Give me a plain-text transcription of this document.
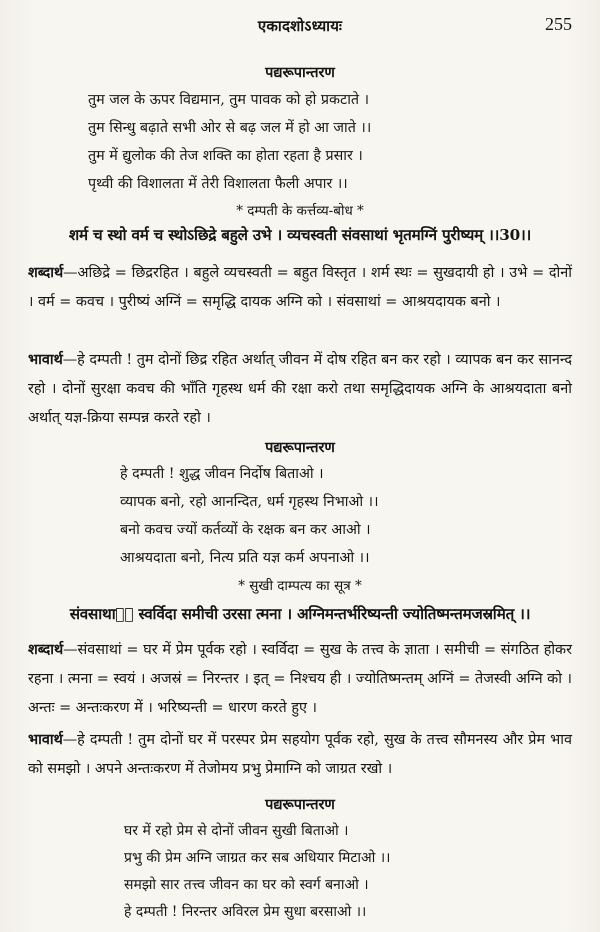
एकादशोऽध्यायः	255
पद्यरूपान्तरण
तुम जल के ऊपर विद्यमान, तुम पावक को हो प्रकटाते ।
तुम सिन्धु बढ़ाते सभी ओर से बढ़ जल में हो आ जाते ।।
तुम में द्युलोक की तेज शक्ति का होता रहता है प्रसार ।
पृथ्वी की विशालता में तेरी विशालता फैली अपार ।।
* दम्पती के कर्त्तव्य-बोध *
शर्म च स्थो वर्म च स्थोऽछिद्रे बहुले उभे । व्यचस्वती संवसाथां भृतमग्निं पुरीष्यम् ।।30।।
शब्दार्थ—अछिद्रे = छिद्ररहित । बहुले व्यचस्वती = बहुत विस्तृत । शर्म स्थः = सुखदायी हो । उभे = दोनों । वर्म = कवच । पुरीष्यं अग्निं = समृद्धि दायक अग्नि को । संवसाथां = आश्रयदायक बनो ।
भावार्थ—हे दम्पती ! तुम दोनों छिद्र रहित अर्थात् जीवन में दोष रहित बन कर रहो । व्यापक बन कर सानन्द रहो । दोनों सुरक्षा कवच की भाँति गृहस्थ धर्म की रक्षा करो तथा समृद्धिदायक अग्नि के आश्रयदाता बनो अर्थात् यज्ञ-क्रिया सम्पन्न करते रहो ।
पद्यरूपान्तरण
हे दम्पती ! शुद्ध जीवन निर्दोष बिताओ ।
व्यापक बनो, रहो आनन्दित, धर्म गृहस्थ निभाओ ।।
बनो कवच ज्यों कर्तव्यों के रक्षक बन कर आओ ।
आश्रयदाता बनो, नित्य प्रति यज्ञ कर्म अपनाओ ।।
* सुखी दाम्पत्य का सूत्र *
संवसाथाᳬं स्वर्विदा समीची उरसा त्मना । अग्निमन्तर्भरिष्यन्ती ज्योतिष्मन्तमजस्रमित् ।।
शब्दार्थ—संवसाथां = घर में प्रेम पूर्वक रहो । स्वर्विदा = सुख के तत्त्व के ज्ञाता । समीची = संगठित होकर रहना । त्मना = स्वयं । अजस्रं = निरन्तर । इत् = निश्चय ही । ज्योतिष्मन्तम् अग्निं = तेजस्वी अग्नि को । अन्तः = अन्तःकरण में । भरिष्यन्ती = धारण करते हुए ।
भावार्थ—हे दम्पती ! तुम दोनों घर में परस्पर प्रेम सहयोग पूर्वक रहो, सुख के तत्त्व सौमनस्य और प्रेम भाव को समझो । अपने अन्तःकरण में तेजोमय प्रभु प्रेमाग्नि को जाग्रत रखो ।
पद्यरूपान्तरण
घर में रहो प्रेम से दोनों जीवन सुखी बिताओ ।
प्रभु की प्रेम अग्नि जाग्रत कर सब अधियार मिटाओ ।।
समझो सार तत्त्व जीवन का घर को स्वर्ग बनाओ ।
हे दम्पती ! निरन्तर अविरल प्रेम सुधा बरसाओ ।।
